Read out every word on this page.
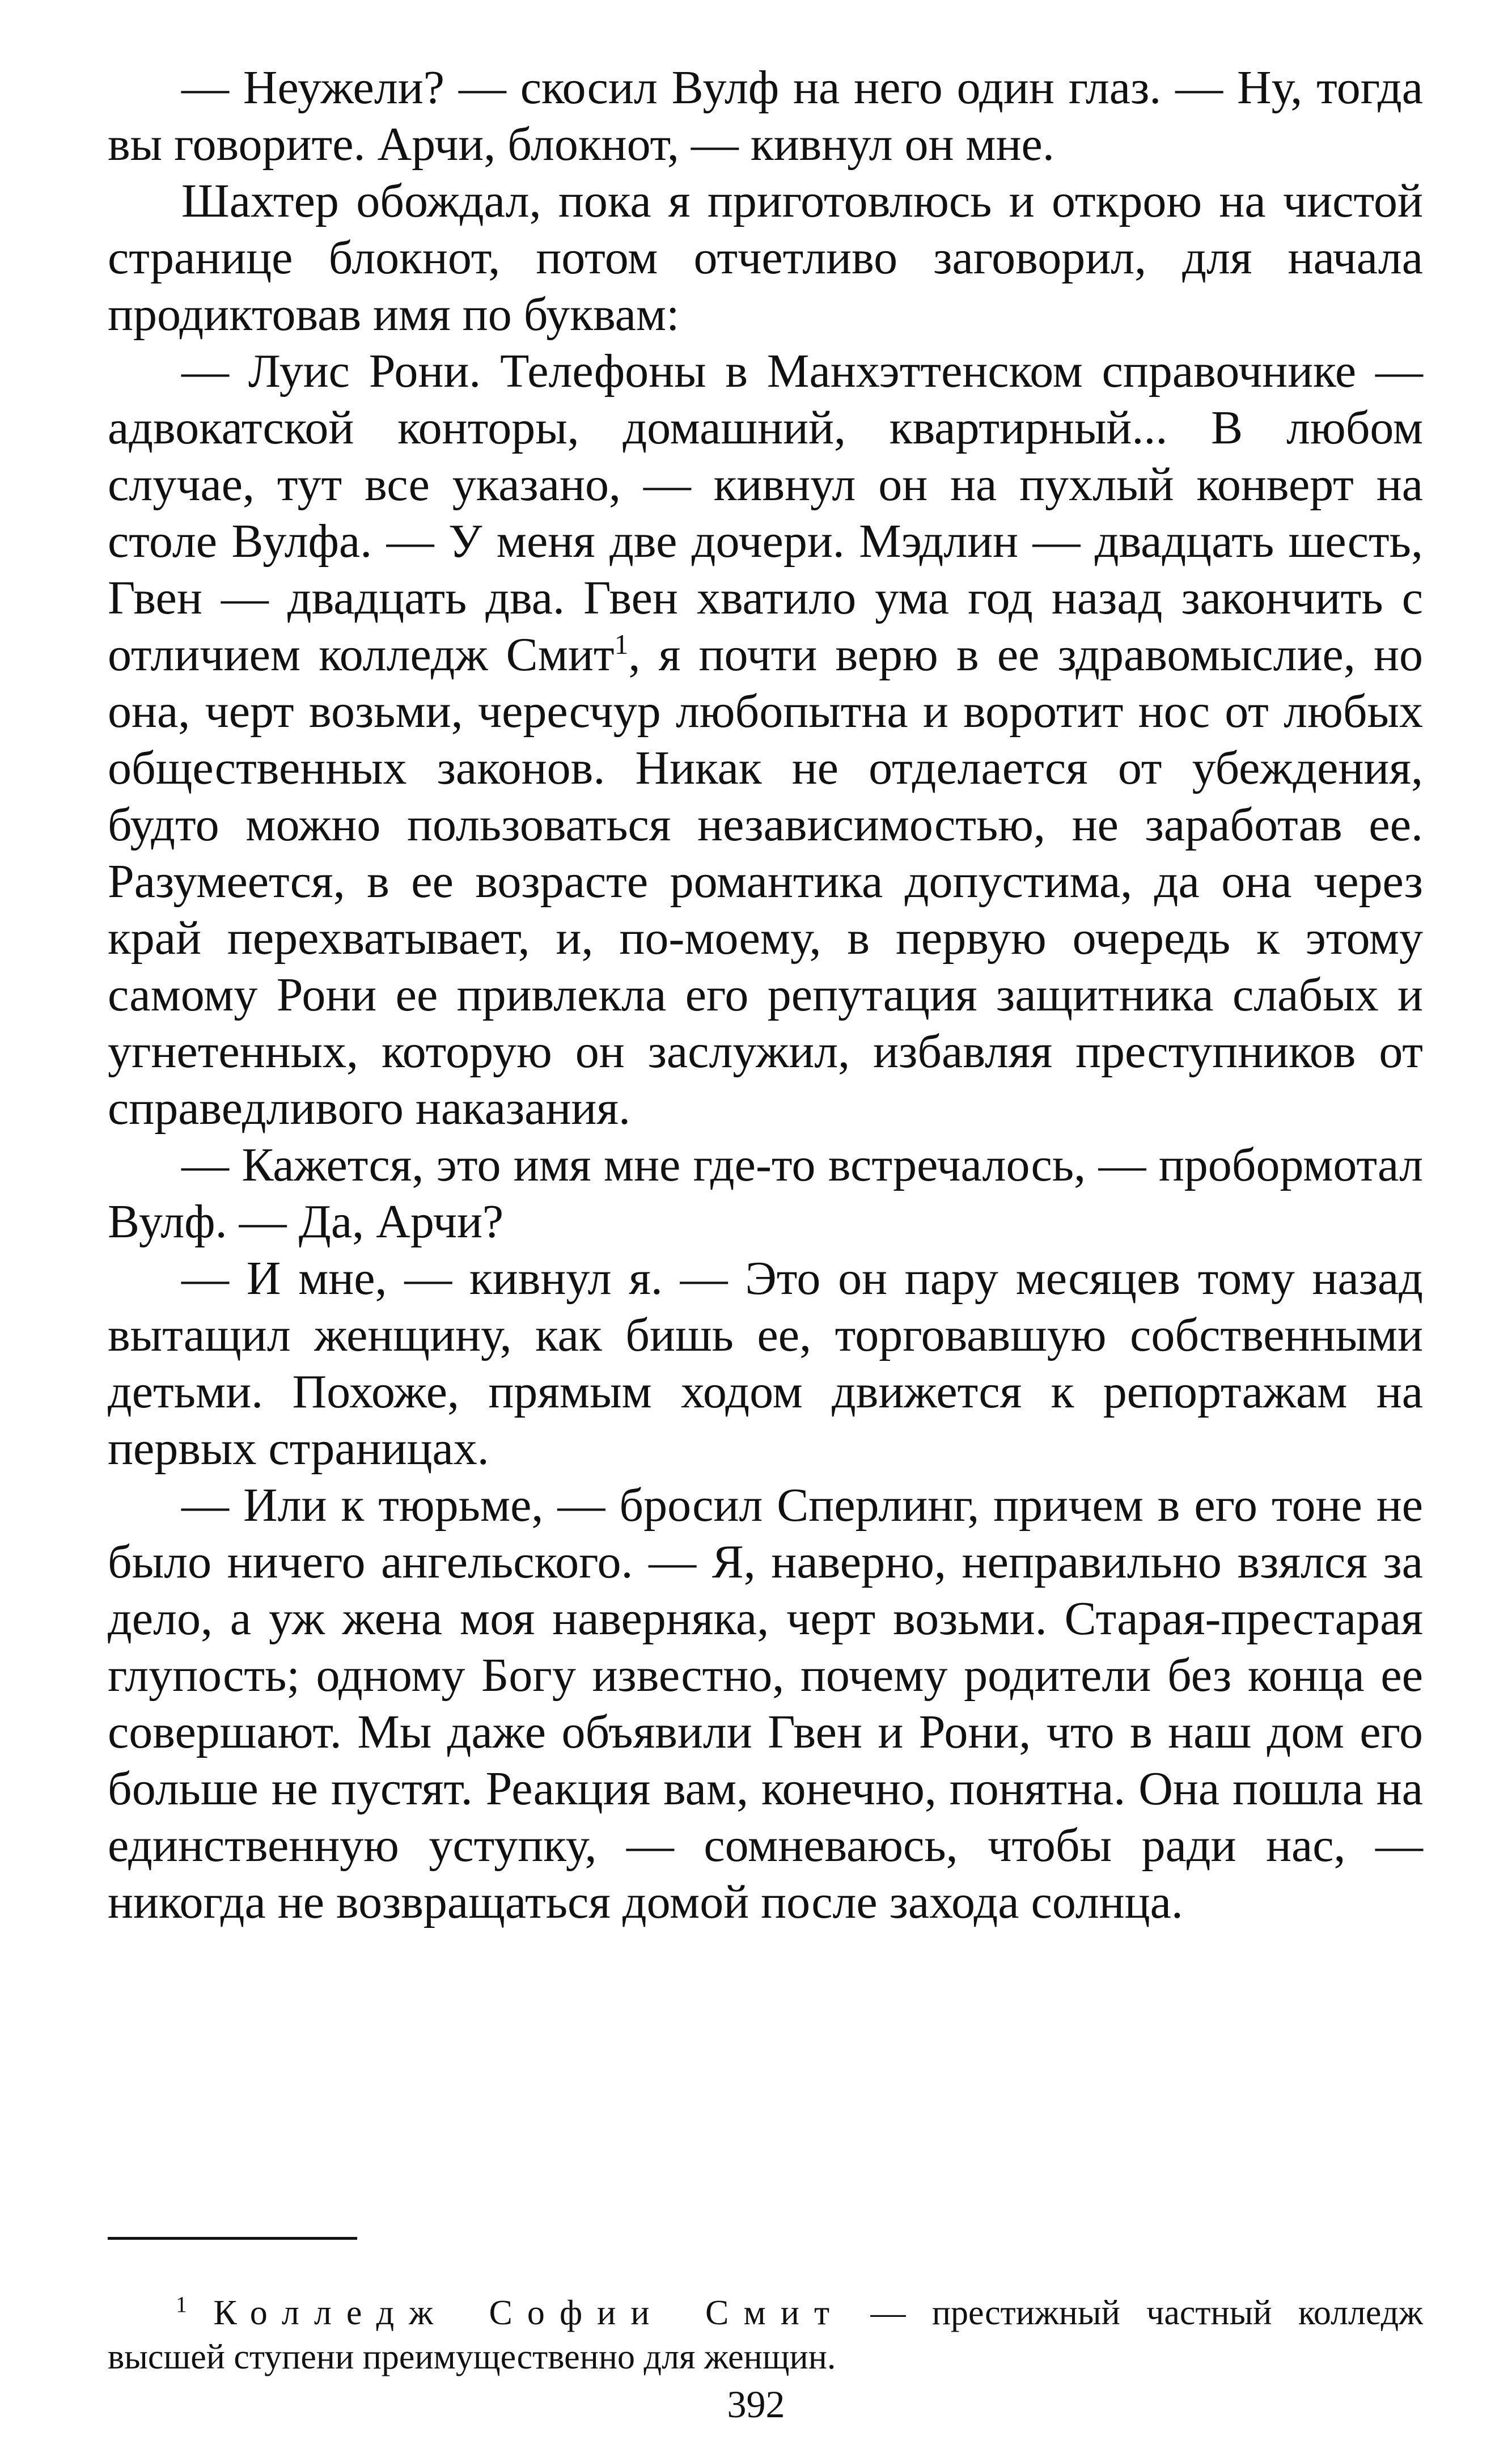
— Неужели? — скосил Вулф на него один глаз. — Ну, тогда вы говорите. Арчи, блокнот, — кивнул он мне.

Шахтер обождал, пока я приготовлюсь и открою на чистой странице блокнот, потом отчетливо заговорил, для начала продиктовав имя по буквам:

— Луис Рони. Телефоны в Манхэттенском справочнике — адвокатской конторы, домашний, квартирный... В любом случае, тут все указано, — кивнул он на пухлый конверт на столе Вулфа. — У меня две дочери. Мэдлин — двадцать шесть, Гвен — двадцать два. Гвен хватило ума год назад закончить с отличием колледж Смит$^1$, я почти верю в ее здравомыслие, но она, черт возьми, чересчур любопытна и воротит нос от любых общественных законов. Никак не отделается от убеждения, будто можно пользоваться независимостью, не заработав ее. Разумеется, в ее возрасте романтика допустима, да она через край перехватывает, и, по-моему, в первую очередь к этому самому Рони ее привлекла его репутация защитника слабых и угнетенных, которую он заслужил, избавляя преступников от справедливого наказания.

— Кажется, это имя мне где-то встречалось, — пробормотал Вулф. — Да, Арчи?

— И мне, — кивнул я. — Это он пару месяцев тому назад вытащил женщину, как бишь ее, торговавшую собственными детьми. Похоже, прямым ходом движется к репортажам на первых страницах.

— Или к тюрьме, — бросил Сперлинг, причем в его тоне не было ничего ангельского. — Я, наверно, неправильно взялся за дело, а уж жена моя наверняка, черт возьми. Старая-престарая глупость; одному Богу известно, почему родители без конца ее совершают. Мы даже объявили Гвен и Рони, что в наш дом его больше не пустят. Реакция вам, конечно, понятна. Она пошла на единственную уступку, — сомневаюсь, чтобы ради нас, — никогда не возвращаться домой после захода солнца.

$^1$ Колледж Софии Смит — престижный частный колледж высшей ступени преимущественно для женщин.

392
